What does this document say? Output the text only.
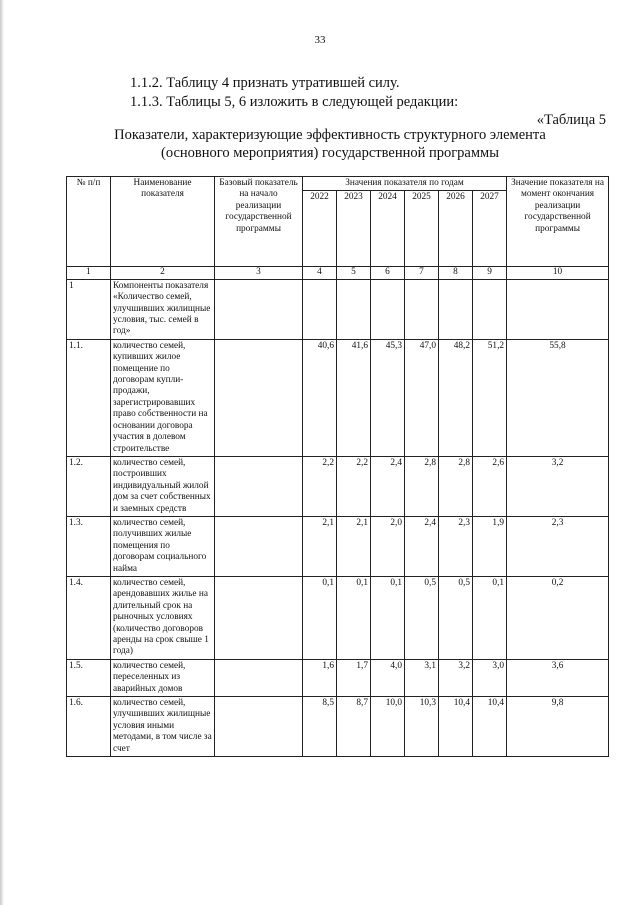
33
1.1.2. Таблицу 4 признать утратившей силу.
1.1.3. Таблицы 5, 6 изложить в следующей редакции:
«Таблица 5
Показатели, характеризующие эффективность структурного элемента
(основного мероприятия) государственной программы
№ п/п	Наименование показателя	Базовый показатель на начало реализации государственной программы	Значения показателя по годам						Значение показателя на момент окончания реализации государственной программы
			2022	2023	2024	2025	2026	2027	
1	2	3	4	5	6	7	8	9	10
1	Компоненты показателя «Количество семей, улучшивших жилищные условия, тыс. семей в год»								
1.1.	количество семей, купивших жилое помещение по договорам купли-продажи, зарегистрировавших право собственности на основании договора участия в долевом строительстве		40,6	41,6	45,3	47,0	48,2	51,2	55,8
1.2.	количество семей, построивших индивидуальный жилой дом за счет собственных и заемных средств		2,2	2,2	2,4	2,8	2,8	2,6	3,2
1.3.	количество семей, получивших жилые помещения по договорам социального найма		2,1	2,1	2,0	2,4	2,3	1,9	2,3
1.4.	количество семей, арендовавших жилье на длительный срок на рыночных условиях (количество договоров аренды на срок свыше 1 года)		0,1	0,1	0,1	0,5	0,5	0,1	0,2
1.5.	количество семей, переселенных из аварийных домов		1,6	1,7	4,0	3,1	3,2	3,0	3,6
1.6.	количество семей, улучшивших жилищные условия иными методами, в том числе за счет		8,5	8,7	10,0	10,3	10,4	10,4	9,8
